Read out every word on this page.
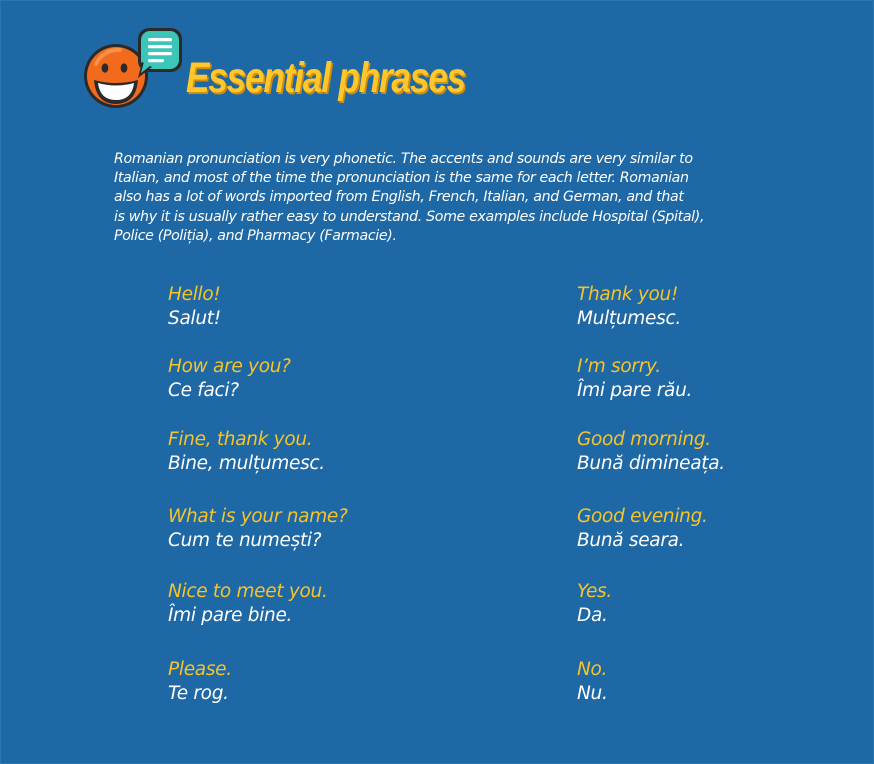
Essential phrases
Romanian pronunciation is very phonetic. The accents and sounds are very similar to
Italian, and most of the time the pronunciation is the same for each letter. Romanian
also has a lot of words imported from English, French, Italian, and German, and that
is why it is usually rather easy to understand. Some examples include Hospital (Spital),
Police (Poliția), and Pharmacy (Farmacie).
Hello!
Salut!
How are you?
Ce faci?
Fine, thank you.
Bine, mulțumesc.
What is your name?
Cum te numești?
Nice to meet you.
Îmi pare bine.
Please.
Te rog.
Thank you!
Mulțumesc.
I’m sorry.
Îmi pare rău.
Good morning.
Bună dimineața.
Good evening.
Bună seara.
Yes.
Da.
No.
Nu.
